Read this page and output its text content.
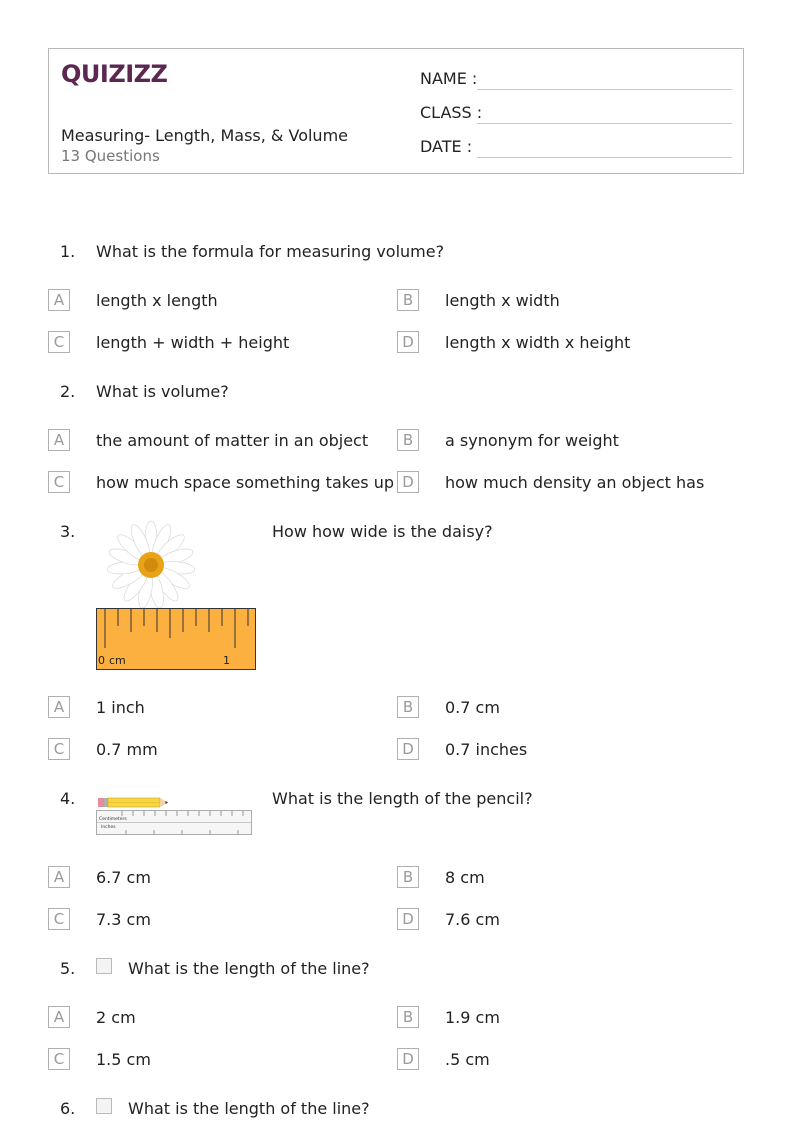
QUIZIZZ
Measuring- Length, Mass, & Volume
13 Questions
NAME :
CLASS :
DATE :
1. What is the formula for measuring volume?
A	length x length	B	length x width
C	length + width + height	D	length x width x height
2. What is volume?
A	the amount of matter in an object	B	a synonym for weight
C	how much space something takes up D	how much density an object has
3.
0 cm	1
How how wide is the daisy?
A	1 inch	B	0.7 cm
C	0.7 mm	D	0.7 inches
4.
Centimeters
Inches
What is the length of the pencil?
A	6.7 cm	B	8 cm
C	7.3 cm	D	7.6 cm
5.	What is the length of the line?
A	2 cm	B	1.9 cm
C	1.5 cm	D	.5 cm
6.	What is the length of the line?
